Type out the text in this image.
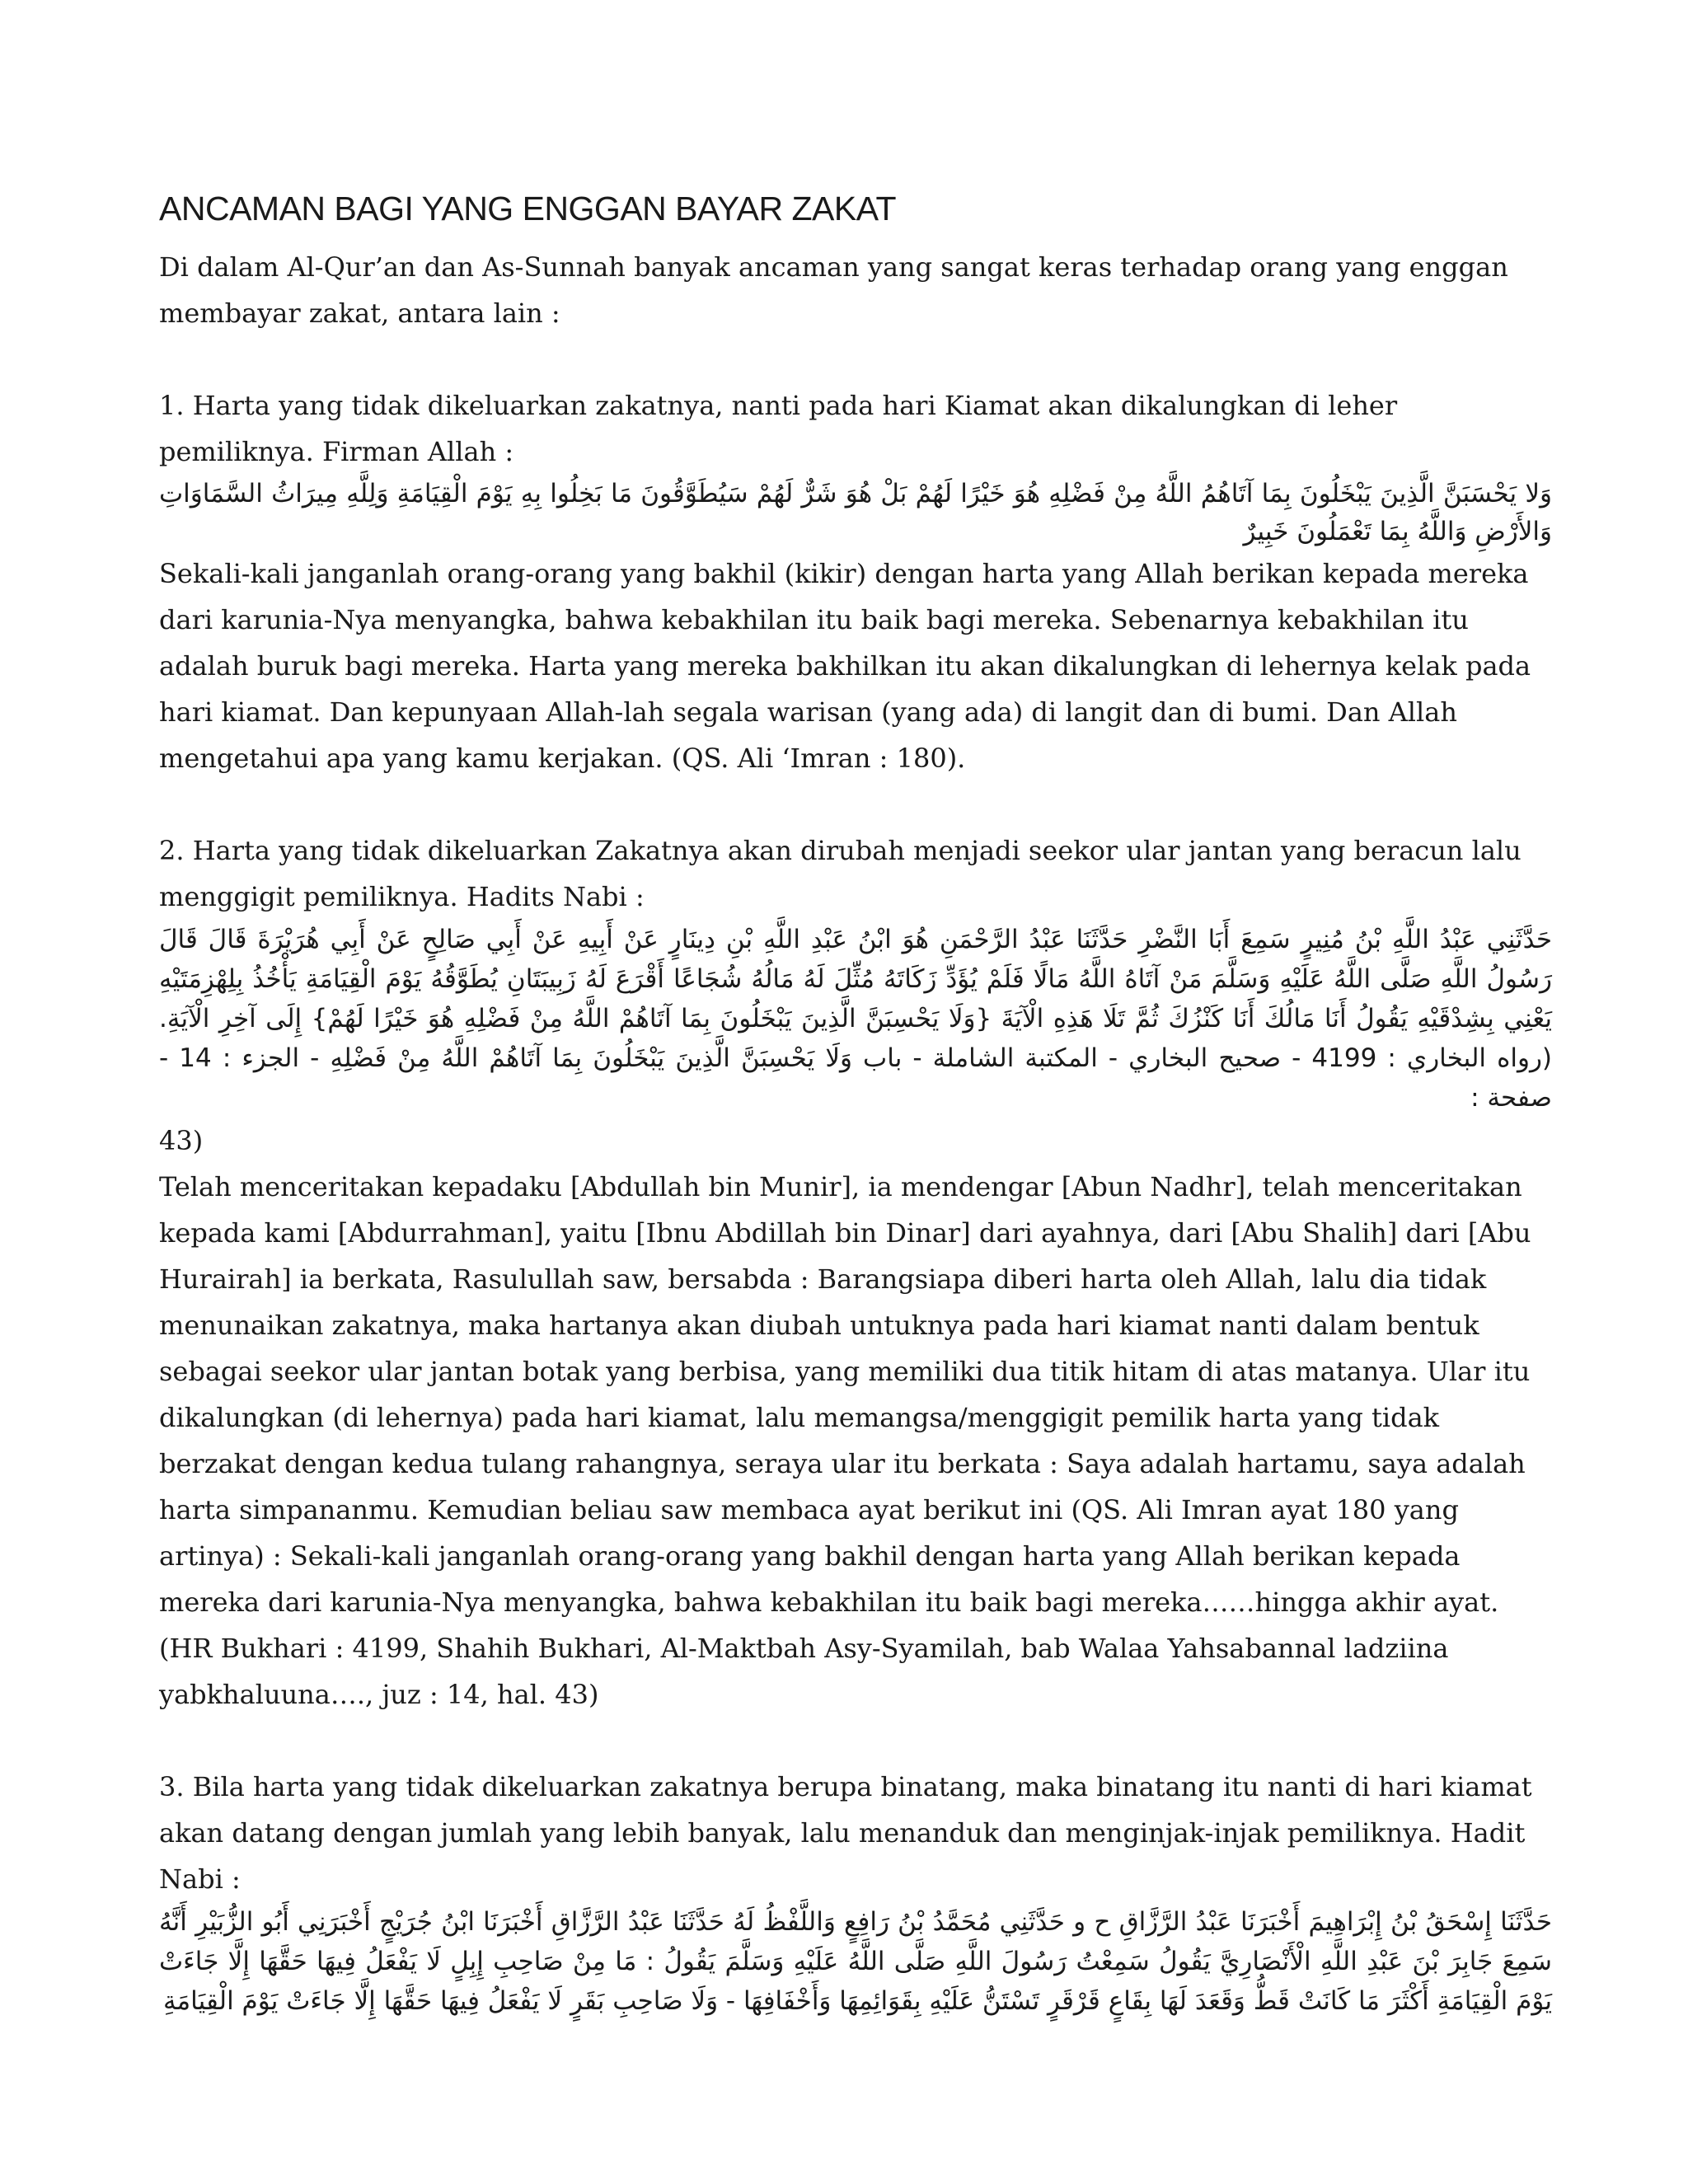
ANCAMAN BAGI YANG ENGGAN BAYAR ZAKAT

Di dalam Al-Qur’an dan As-Sunnah banyak ancaman yang sangat keras terhadap orang yang enggan membayar zakat, antara lain :

1. Harta yang tidak dikeluarkan zakatnya, nanti pada hari Kiamat akan dikalungkan di leher pemiliknya. Firman Allah :

وَلا يَحْسَبَنَّ الَّذِينَ يَبْخَلُونَ بِمَا آتَاهُمُ اللَّهُ مِنْ فَضْلِهِ هُوَ خَيْرًا لَهُمْ بَلْ هُوَ شَرٌّ لَهُمْ سَيُطَوَّقُونَ مَا بَخِلُوا بِهِ يَوْمَ الْقِيَامَةِ وَلِلَّهِ مِيرَاثُ السَّمَاوَاتِ وَالأَرْضِ وَاللَّهُ بِمَا تَعْمَلُونَ خَبِيرٌ

Sekali-kali janganlah orang-orang yang bakhil (kikir) dengan harta yang Allah berikan kepada mereka dari karunia-Nya menyangka, bahwa kebakhilan itu baik bagi mereka. Sebenarnya kebakhilan itu adalah buruk bagi mereka. Harta yang mereka bakhilkan itu akan dikalungkan di lehernya kelak pada hari kiamat. Dan kepunyaan Allah-lah segala warisan (yang ada) di langit dan di bumi. Dan Allah mengetahui apa yang kamu kerjakan. (QS. Ali ‘Imran : 180).

2. Harta yang tidak dikeluarkan Zakatnya akan dirubah menjadi seekor ular jantan yang beracun lalu menggigit pemiliknya. Hadits Nabi :

حَدَّثَنِي عَبْدُ اللَّهِ بْنُ مُنِيرٍ سَمِعَ أَبَا النَّضْرِ حَدَّثَنَا عَبْدُ الرَّحْمَنِ هُوَ ابْنُ عَبْدِ اللَّهِ بْنِ دِينَارٍ عَنْ أَبِيهِ عَنْ أَبِي صَالِحٍ عَنْ أَبِي هُرَيْرَةَ قَالَ قَالَ رَسُولُ اللَّهِ صَلَّى اللَّهُ عَلَيْهِ وَسَلَّمَ مَنْ آتَاهُ اللَّهُ مَالًا فَلَمْ يُؤَدِّ زَكَاتَهُ مُثِّلَ لَهُ مَالُهُ شُجَاعًا أَقْرَعَ لَهُ زَبِيبَتَانِ يُطَوَّقُهُ يَوْمَ الْقِيَامَةِ يَأْخُذُ بِلِهْزِمَتَيْهِ يَعْنِي بِشِدْقَيْهِ يَقُولُ أَنَا مَالُكَ أَنَا كَنْزُكَ ثُمَّ تَلَا هَذِهِ الْآيَةَ {وَلَا يَحْسِبَنَّ الَّذِينَ يَبْخَلُونَ بِمَا آتَاهُمْ اللَّهُ مِنْ فَضْلِهِ هُوَ خَيْرًا لَهُمْ} إِلَى آخِرِ الْآيَةِ. (رواه البخاري : 4199 - صحيح البخاري - المكتبة الشاملة - باب وَلَا يَحْسِبَنَّ الَّذِينَ يَبْخَلُونَ بِمَا آتَاهُمْ اللَّهُ مِنْ فَضْلِهِ - الجزء : 14 - صفحة :

43)

Telah menceritakan kepadaku [Abdullah bin Munir], ia mendengar [Abun Nadhr], telah menceritakan kepada kami [Abdurrahman], yaitu [Ibnu Abdillah bin Dinar] dari ayahnya, dari [Abu Shalih] dari [Abu Hurairah] ia berkata, Rasulullah saw, bersabda : Barangsiapa diberi harta oleh Allah, lalu dia tidak menunaikan zakatnya, maka hartanya akan diubah untuknya pada hari kiamat nanti dalam bentuk sebagai seekor ular jantan botak yang berbisa, yang memiliki dua titik hitam di atas matanya. Ular itu dikalungkan (di lehernya) pada hari kiamat, lalu memangsa/menggigit pemilik harta yang tidak berzakat dengan kedua tulang rahangnya, seraya ular itu berkata : Saya adalah hartamu, saya adalah harta simpananmu. Kemudian beliau saw membaca ayat berikut ini (QS. Ali Imran ayat 180 yang artinya) : Sekali-kali janganlah orang-orang yang bakhil dengan harta yang Allah berikan kepada mereka dari karunia-Nya menyangka, bahwa kebakhilan itu baik bagi mereka……hingga akhir ayat. (HR Bukhari : 4199, Shahih Bukhari, Al-Maktbah Asy-Syamilah, bab Walaa Yahsabannal ladziina yabkhaluuna…., juz : 14, hal. 43)

3. Bila harta yang tidak dikeluarkan zakatnya berupa binatang, maka binatang itu nanti di hari kiamat akan datang dengan jumlah yang lebih banyak, lalu menanduk dan menginjak-injak pemiliknya. Hadit Nabi :

حَدَّثَنَا إِسْحَقُ بْنُ إِبْرَاهِيمَ أَخْبَرَنَا عَبْدُ الرَّزَّاقِ ح و حَدَّثَنِي مُحَمَّدُ بْنُ رَافِعٍ وَاللَّفْظُ لَهُ حَدَّثَنَا عَبْدُ الرَّزَّاقِ أَخْبَرَنَا ابْنُ جُرَيْجٍ أَخْبَرَنِي أَبُو الزُّبَيْرِ أَنَّهُ سَمِعَ جَابِرَ بْنَ عَبْدِ اللَّهِ الْأَنْصَارِيَّ يَقُولُ سَمِعْتُ رَسُولَ اللَّهِ صَلَّى اللَّهُ عَلَيْهِ وَسَلَّمَ يَقُولُ : مَا مِنْ صَاحِبِ إِبِلٍ لَا يَفْعَلُ فِيهَا حَقَّهَا إِلَّا جَاءَتْ يَوْمَ الْقِيَامَةِ أَكْثَرَ مَا كَانَتْ قَطُّ وَقَعَدَ لَهَا بِقَاعٍ قَرْقَرٍ تَسْتَنُّ عَلَيْهِ بِقَوَائِمِهَا وَأَخْفَافِهَا - وَلَا صَاحِبِ بَقَرٍ لَا يَفْعَلُ فِيهَا حَقَّهَا إِلَّا جَاءَتْ يَوْمَ الْقِيَامَةِ
